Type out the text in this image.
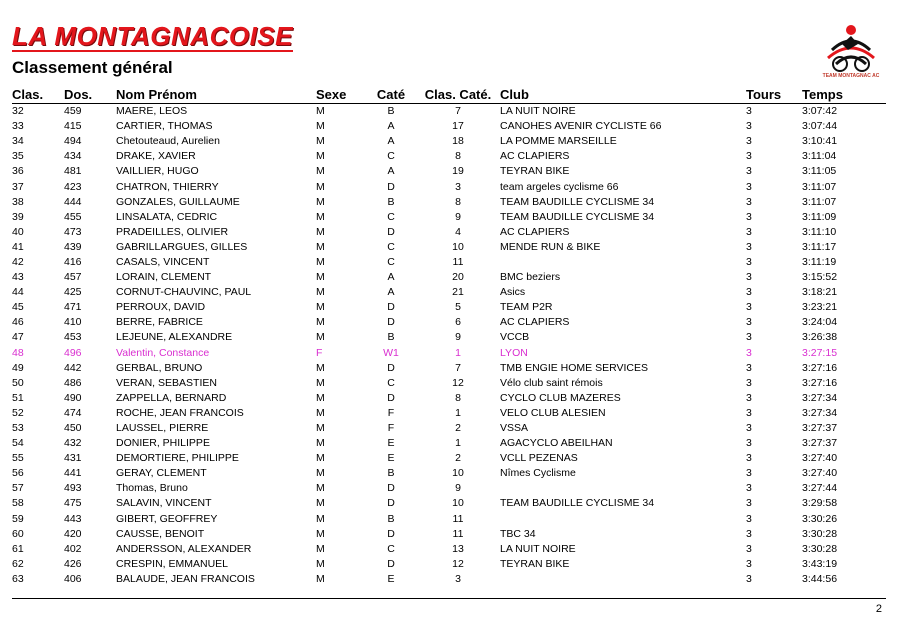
LA MONTAGNACOISE
Classement général	TEAM MONTAGNAC AC
Clas.	Dos.	Nom Prénom	Sexe	Caté	Clas. Caté.	Club	Tours	Temps
32	459	MAERE, LEOS	M	B	7	LA NUIT NOIRE	3	3:07:42
33	415	CARTIER, THOMAS	M	A	17	CANOHES AVENIR CYCLISTE 66	3	3:07:44
34	494	Chetouteaud, Aurelien	M	A	18	LA POMME MARSEILLE	3	3:10:41
35	434	DRAKE, XAVIER	M	C	8	AC CLAPIERS	3	3:11:04
36	481	VAILLIER, HUGO	M	A	19	TEYRAN BIKE	3	3:11:05
37	423	CHATRON, THIERRY	M	D	3	team argeles cyclisme 66	3	3:11:07
38	444	GONZALES, GUILLAUME	M	B	8	TEAM BAUDILLE CYCLISME 34	3	3:11:07
39	455	LINSALATA, CEDRIC	M	C	9	TEAM BAUDILLE CYCLISME 34	3	3:11:09
40	473	PRADEILLES, OLIVIER	M	D	4	AC CLAPIERS	3	3:11:10
41	439	GABRILLARGUES, GILLES	M	C	10	MENDE RUN & BIKE	3	3:11:17
42	416	CASALS, VINCENT	M	C	11		3	3:11:19
43	457	LORAIN, CLEMENT	M	A	20	BMC beziers	3	3:15:52
44	425	CORNUT-CHAUVINC, PAUL	M	A	21	Asics	3	3:18:21
45	471	PERROUX, DAVID	M	D	5	TEAM P2R	3	3:23:21
46	410	BERRE, FABRICE	M	D	6	AC CLAPIERS	3	3:24:04
47	453	LEJEUNE, ALEXANDRE	M	B	9	VCCB	3	3:26:38
48	496	Valentin, Constance	F	W1	1	LYON	3	3:27:15
49	442	GERBAL, BRUNO	M	D	7	TMB ENGIE HOME SERVICES	3	3:27:16
50	486	VERAN, SEBASTIEN	M	C	12	Vélo club saint rémois	3	3:27:16
51	490	ZAPPELLA, BERNARD	M	D	8	CYCLO CLUB MAZERES	3	3:27:34
52	474	ROCHE, JEAN FRANCOIS	M	F	1	VELO CLUB ALESIEN	3	3:27:34
53	450	LAUSSEL, PIERRE	M	F	2	VSSA	3	3:27:37
54	432	DONIER, PHILIPPE	M	E	1	AGACYCLO ABEILHAN	3	3:27:37
55	431	DEMORTIERE, PHILIPPE	M	E	2	VCLL PEZENAS	3	3:27:40
56	441	GERAY, CLEMENT	M	B	10	Nîmes Cyclisme	3	3:27:40
57	493	Thomas, Bruno	M	D	9		3	3:27:44
58	475	SALAVIN, VINCENT	M	D	10	TEAM BAUDILLE CYCLISME 34	3	3:29:58
59	443	GIBERT, GEOFFREY	M	B	11		3	3:30:26
60	420	CAUSSE, BENOIT	M	D	11	TBC 34	3	3:30:28
61	402	ANDERSSON, ALEXANDER	M	C	13	LA NUIT NOIRE	3	3:30:28
62	426	CRESPIN, EMMANUEL	M	D	12	TEYRAN BIKE	3	3:43:19
63	406	BALAUDE, JEAN FRANCOIS	M	E	3		3	3:44:56
2
